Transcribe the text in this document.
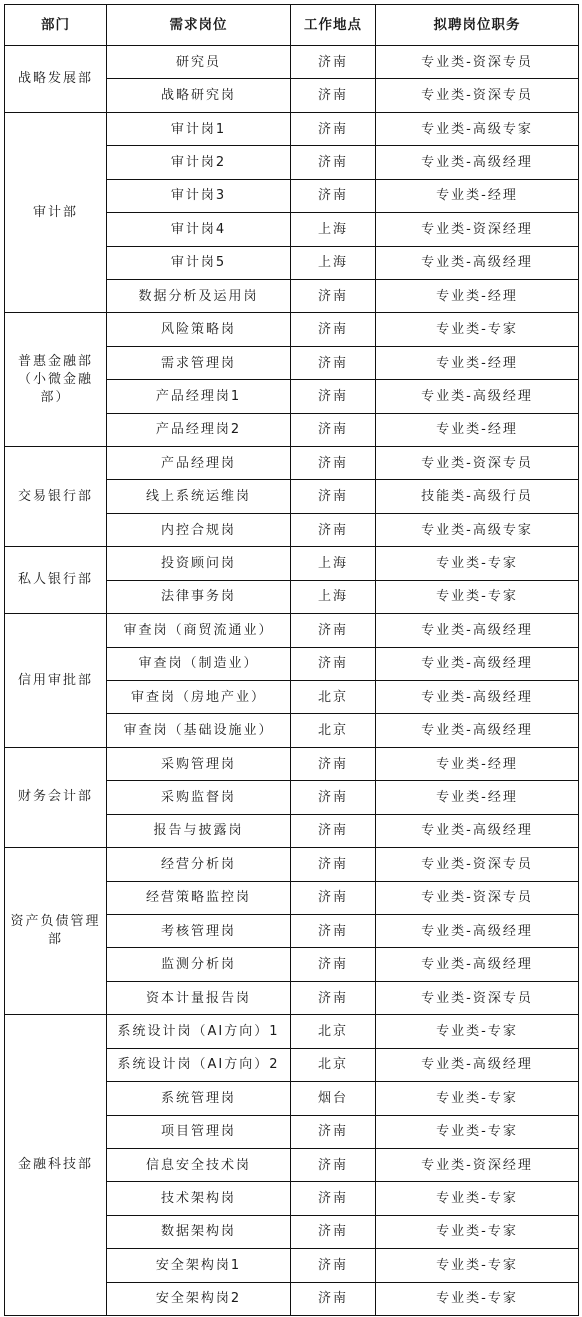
部门	需求岗位	工作地点	拟聘岗位职务
战略发展部	研究员	济南	专业类-资深专员
	战略研究岗	济南	专业类-资深专员
审计部	审计岗1	济南	专业类-高级专家
	审计岗2	济南	专业类-高级经理
	审计岗3	济南	专业类-经理
	审计岗4	上海	专业类-资深经理
	审计岗5	上海	专业类-高级经理
	数据分析及运用岗	济南	专业类-经理
普惠金融部（小微金融部）	风险策略岗	济南	专业类-专家
	需求管理岗	济南	专业类-经理
	产品经理岗1	济南	专业类-高级经理
	产品经理岗2	济南	专业类-经理
交易银行部	产品经理岗	济南	专业类-资深专员
	线上系统运维岗	济南	技能类-高级行员
	内控合规岗	济南	专业类-高级专家
私人银行部	投资顾问岗	上海	专业类-专家
	法律事务岗	上海	专业类-专家
信用审批部	审查岗（商贸流通业）	济南	专业类-高级经理
	审查岗（制造业）	济南	专业类-高级经理
	审查岗（房地产业）	北京	专业类-高级经理
	审查岗（基础设施业）	北京	专业类-高级经理
财务会计部	采购管理岗	济南	专业类-经理
	采购监督岗	济南	专业类-经理
	报告与披露岗	济南	专业类-高级经理
资产负债管理部	经营分析岗	济南	专业类-资深专员
	经营策略监控岗	济南	专业类-资深专员
	考核管理岗	济南	专业类-高级经理
	监测分析岗	济南	专业类-高级经理
	资本计量报告岗	济南	专业类-资深专员
金融科技部	系统设计岗（AI方向）1	北京	专业类-专家
	系统设计岗（AI方向）2	北京	专业类-高级经理
	系统管理岗	烟台	专业类-专家
	项目管理岗	济南	专业类-专家
	信息安全技术岗	济南	专业类-资深经理
	技术架构岗	济南	专业类-专家
	数据架构岗	济南	专业类-专家
	安全架构岗1	济南	专业类-专家
	安全架构岗2	济南	专业类-专家
